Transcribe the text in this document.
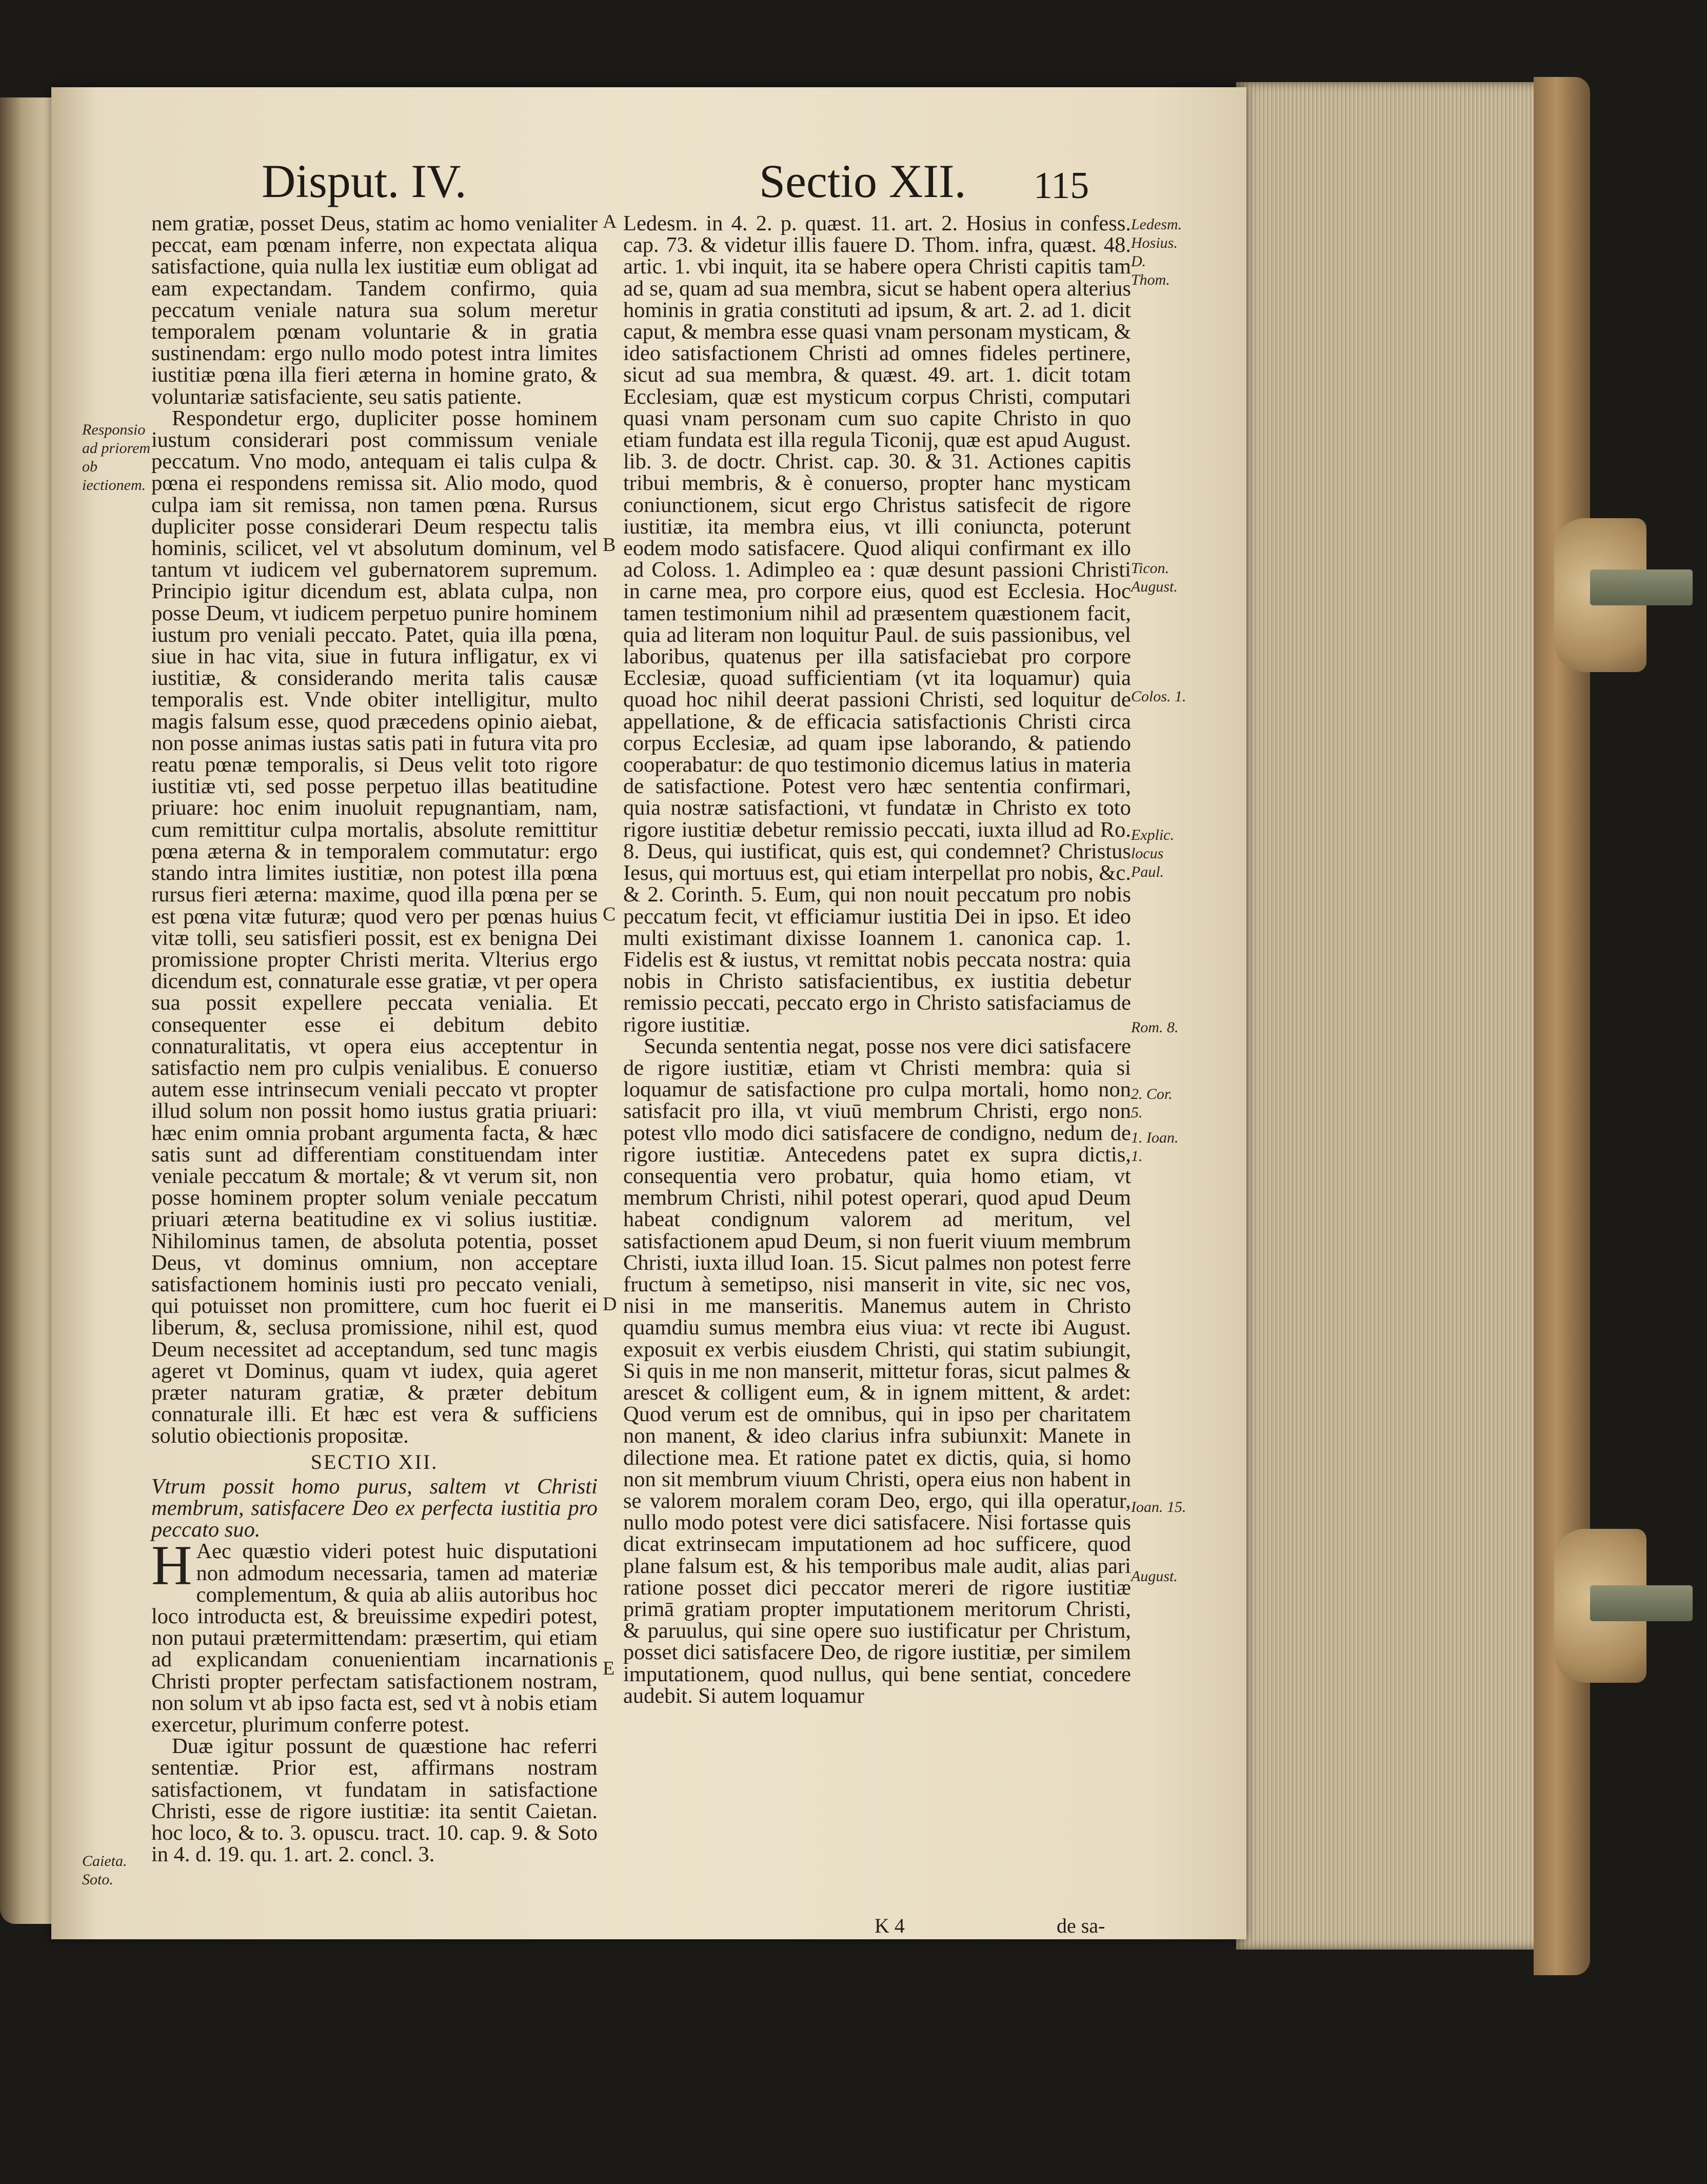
Disput. IV.	Sectio XII. 115
Responsio ad priorem ob iectionem.
Caieta. Soto.
A
B
C
D
E

nem gratiæ, posset Deus, statim ac homo venialiter peccat, eam pœnam inferre, non expectata aliqua satisfactione, quia nulla lex iustitiæ eum obligat ad eam expectandam. Tandem confirmo, quia peccatum veniale natura sua solum meretur temporalem pœnam voluntarie & in gratia sustinendam: ergo nullo modo potest intra limites iustitiæ pœna illa fieri æterna in homine grato, & voluntariæ satisfaciente, seu satis patiente.

Respondetur ergo, dupliciter posse hominem iustum considerari post commissum veniale peccatum. Vno modo, antequam ei talis culpa & pœna ei respondens remissa sit. Alio modo, quod culpa iam sit remissa, non tamen pœna. Rursus dupliciter posse considerari Deum respectu talis hominis, scilicet, vel vt absolutum dominum, vel tantum vt iudicem vel gubernatorem supremum. Principio igitur dicendum est, ablata culpa, non posse Deum, vt iudicem perpetuo punire hominem iustum pro veniali peccato. Patet, quia illa pœna, siue in hac vita, siue in futura infligatur, ex vi iustitiæ, & considerando merita talis causæ temporalis est. Vnde obiter intelligitur, multo magis falsum esse, quod præcedens opinio aiebat, non posse animas iustas satis pati in futura vita pro reatu pœnæ temporalis, si Deus velit toto rigore iustitiæ vti, sed posse perpetuo illas beatitudine priuare: hoc enim inuoluit repugnantiam, nam, cum remittitur culpa mortalis, absolute remittitur pœna æterna & in temporalem commutatur: ergo stando intra limites iustitiæ, non potest illa pœna rursus fieri æterna: maxime, quod illa pœna per se est pœna vitæ futuræ; quod vero per pœnas huius vitæ tolli, seu satisfieri possit, est ex benigna Dei promissione propter Christi merita. Vlterius ergo dicendum est, connaturale esse gratiæ, vt per opera sua possit expellere peccata venialia. Et consequenter esse ei debitum debito connaturalitatis, vt opera eius acceptentur in satisfactio nem pro culpis venialibus. E conuerso autem esse intrinsecum veniali peccato vt propter illud solum non possit homo iustus gratia priuari: hæc enim omnia probant argumenta facta, & hæc satis sunt ad differentiam constituendam inter veniale peccatum & mortale; & vt verum sit, non posse hominem propter solum veniale peccatum priuari æterna beatitudine ex vi solius iustitiæ. Nihilominus tamen, de absoluta potentia, posset Deus, vt dominus omnium, non acceptare satisfactionem hominis iusti pro peccato veniali, qui potuisset non promittere, cum hoc fuerit ei liberum, &, seclusa promissione, nihil est, quod Deum necessitet ad acceptandum, sed tunc magis ageret vt Dominus, quam vt iudex, quia ageret præter naturam gratiæ, & præter debitum connaturale illi. Et hæc est vera & sufficiens solutio obiectionis propositæ.

SECTIO XII.

Vtrum possit homo purus, saltem vt Christi membrum, satisfacere Deo ex perfecta iustitia pro peccato suo.

H Aec quæstio videri potest huic disputationi non admodum necessaria, tamen ad materiæ complementum, & quia ab aliis autoribus hoc loco introducta est, & breuissime expediri potest, non putaui prætermittendam: præsertim, qui etiam ad explicandam conuenientiam incarnationis Christi propter perfectam satisfactionem nostram, non solum vt ab ipso facta est, sed vt à nobis etiam exercetur, plurimum conferre potest.

Duæ igitur possunt de quæstione hac referri sententiæ. Prior est, affirmans nostram satisfactionem, vt fundatam in satisfactione Christi, esse de rigore iustitiæ: ita sentit Caietan. hoc loco, & to. 3. opuscu. tract. 10. cap. 9. & Soto in 4. d. 19. qu. 1. art. 2. concl. 3.

Ledesm. in 4. 2. p. quæst. 11. art. 2. Hosius in confess. cap. 73. & videtur illis fauere D. Thom. infra, quæst. 48. artic. 1. vbi inquit, ita se habere opera Christi capitis tam ad se, quam ad sua membra, sicut se habent opera alterius hominis in gratia constituti ad ipsum, & art. 2. ad 1. dicit caput, & membra esse quasi vnam personam mysticam, & ideo satisfactionem Christi ad omnes fideles pertinere, sicut ad sua membra, & quæst. 49. art. 1. dicit totam Ecclesiam, quæ est mysticum corpus Christi, computari quasi vnam personam cum suo capite Christo in quo etiam fundata est illa regula Ticonij, quæ est apud August. lib. 3. de doctr. Christ. cap. 30. & 31. Actiones capitis tribui membris, & è conuerso, propter hanc mysticam coniunctionem, sicut ergo Christus satisfecit de rigore iustitiæ, ita membra eius, vt illi coniuncta, poterunt eodem modo satisfacere. Quod aliqui confirmant ex illo ad Coloss. 1. Adimpleo ea : quæ desunt passioni Christi in carne mea, pro corpore eius, quod est Ecclesia. Hoc tamen testimonium nihil ad præsentem quæstionem facit, quia ad literam non loquitur Paul. de suis passionibus, vel laboribus, quatenus per illa satisfaciebat pro corpore Ecclesiæ, quoad sufficientiam (vt ita loquamur) quia quoad hoc nihil deerat passioni Christi, sed loquitur de appellatione, & de efficacia satisfactionis Christi circa corpus Ecclesiæ, ad quam ipse laborando, & patiendo cooperabatur: de quo testimonio dicemus latius in materia de satisfactione. Potest vero hæc sententia confirmari, quia nostræ satisfactioni, vt fundatæ in Christo ex toto rigore iustitiæ debetur remissio peccati, iuxta illud ad Ro. 8. Deus, qui iustificat, quis est, qui condemnet? Christus Iesus, qui mortuus est, qui etiam interpellat pro nobis, &c. & 2. Corinth. 5. Eum, qui non nouit peccatum pro nobis peccatum fecit, vt efficiamur iustitia Dei in ipso. Et ideo multi existimant dixisse Ioannem 1. canonica cap. 1. Fidelis est & iustus, vt remittat nobis peccata nostra: quia nobis in Christo satisfacientibus, ex iustitia debetur remissio peccati, peccato ergo in Christo satisfaciamus de rigore iustitiæ.

Secunda sententia negat, posse nos vere dici satisfacere de rigore iustitiæ, etiam vt Christi membra: quia si loquamur de satisfactione pro culpa mortali, homo non satisfacit pro illa, vt viuū membrum Christi, ergo non potest vllo modo dici satisfacere de condigno, nedum de rigore iustitiæ. Antecedens patet ex supra dictis, consequentia vero probatur, quia homo etiam, vt membrum Christi, nihil potest operari, quod apud Deum habeat condignum valorem ad meritum, vel satisfactionem apud Deum, si non fuerit viuum membrum Christi, iuxta illud Ioan. 15. Sicut palmes non potest ferre fructum à semetipso, nisi manserit in vite, sic nec vos, nisi in me manseritis. Manemus autem in Christo quamdiu sumus membra eius viua: vt recte ibi August. exposuit ex verbis eiusdem Christi, qui statim subiungit, Si quis in me non manserit, mittetur foras, sicut palmes & arescet & colligent eum, & in ignem mittent, & ardet: Quod verum est de omnibus, qui in ipso per charitatem non manent, & ideo clarius infra subiunxit: Manete in dilectione mea. Et ratione patet ex dictis, quia, si homo non sit membrum viuum Christi, opera eius non habent in se valorem moralem coram Deo, ergo, qui illa operatur, nullo modo potest vere dici satisfacere. Nisi fortasse quis dicat extrinsecam imputationem ad hoc sufficere, quod plane falsum est, & his temporibus male audit, alias pari ratione posset dici peccator mereri de rigore iustitiæ primā gratiam propter imputationem meritorum Christi, & paruulus, qui sine opere suo iustificatur per Christum, posset dici satisfacere Deo, de rigore iustitiæ, per similem imputationem, quod nullus, qui bene sentiat, concedere audebit. Si autem loquamur

Ledesm. Hosius. D. Thom.
Ticon. August.
Colos. 1.
Explic. locus Paul.
Rom. 8.
2. Cor. 5.
1. Ioan. 1.
Ioan. 15.
August.
K 4	de sa-
